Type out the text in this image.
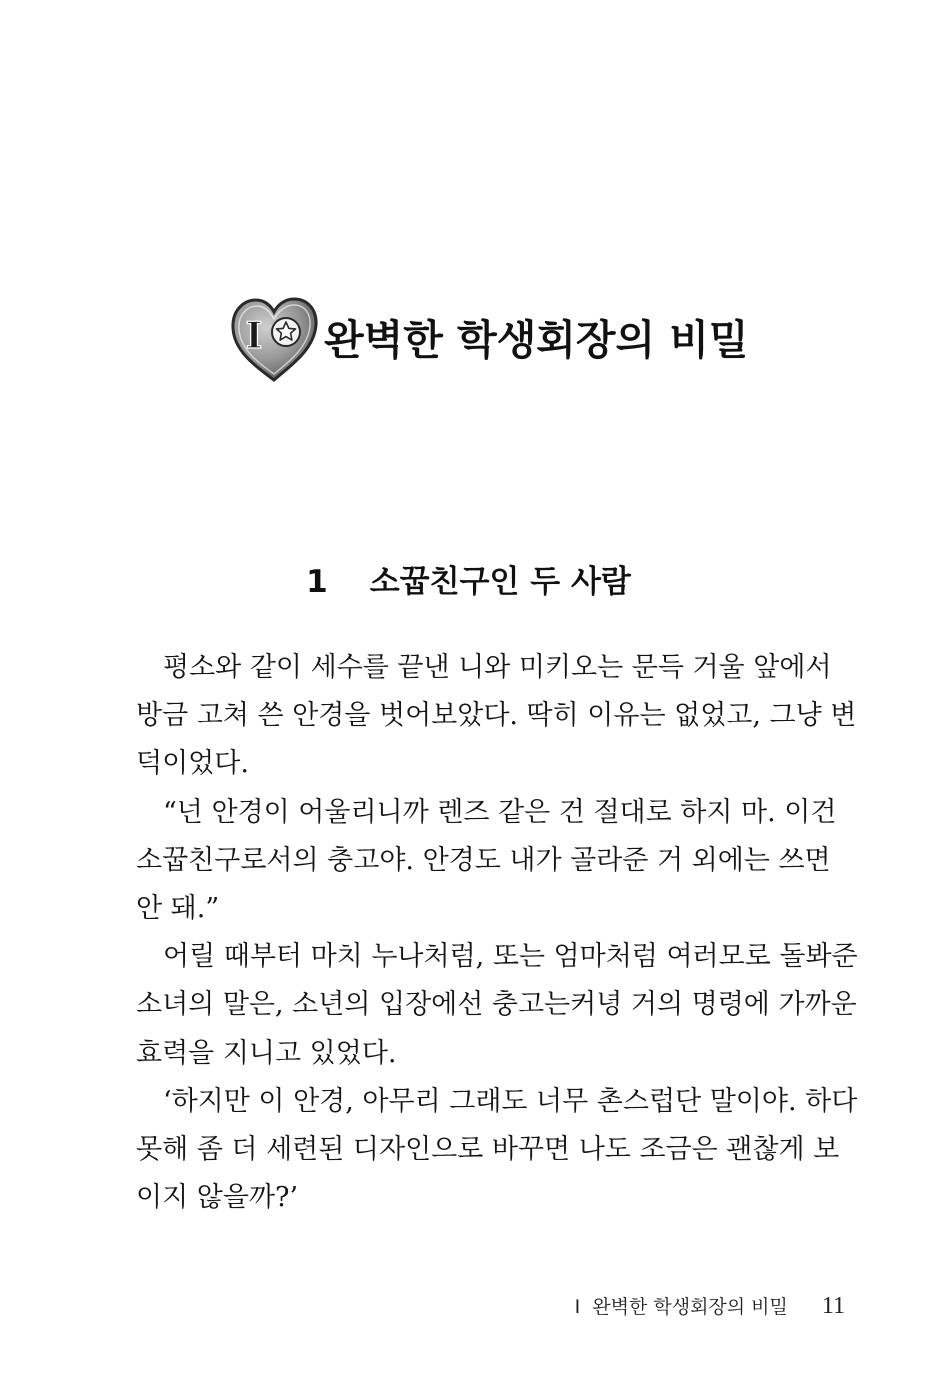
I 완벽한 학생회장의 비밀
1 소꿉친구인 두 사람
평소와 같이 세수를 끝낸 니와 미키오는 문득 거울 앞에서
방금 고쳐 쓴 안경을 벗어보았다. 딱히 이유는 없었고, 그냥 변
덕이었다.
“넌 안경이 어울리니까 렌즈 같은 건 절대로 하지 마. 이건
소꿉친구로서의 충고야. 안경도 내가 골라준 거 외에는 쓰면
안 돼.”
어릴 때부터 마치 누나처럼, 또는 엄마처럼 여러모로 돌봐준
소녀의 말은, 소년의 입장에선 충고는커녕 거의 명령에 가까운
효력을 지니고 있었다.
‘하지만 이 안경, 아무리 그래도 너무 촌스럽단 말이야. 하다
못해 좀 더 세련된 디자인으로 바꾸면 나도 조금은 괜찮게 보
이지 않을까?’
I 완벽한 학생회장의 비밀 11
